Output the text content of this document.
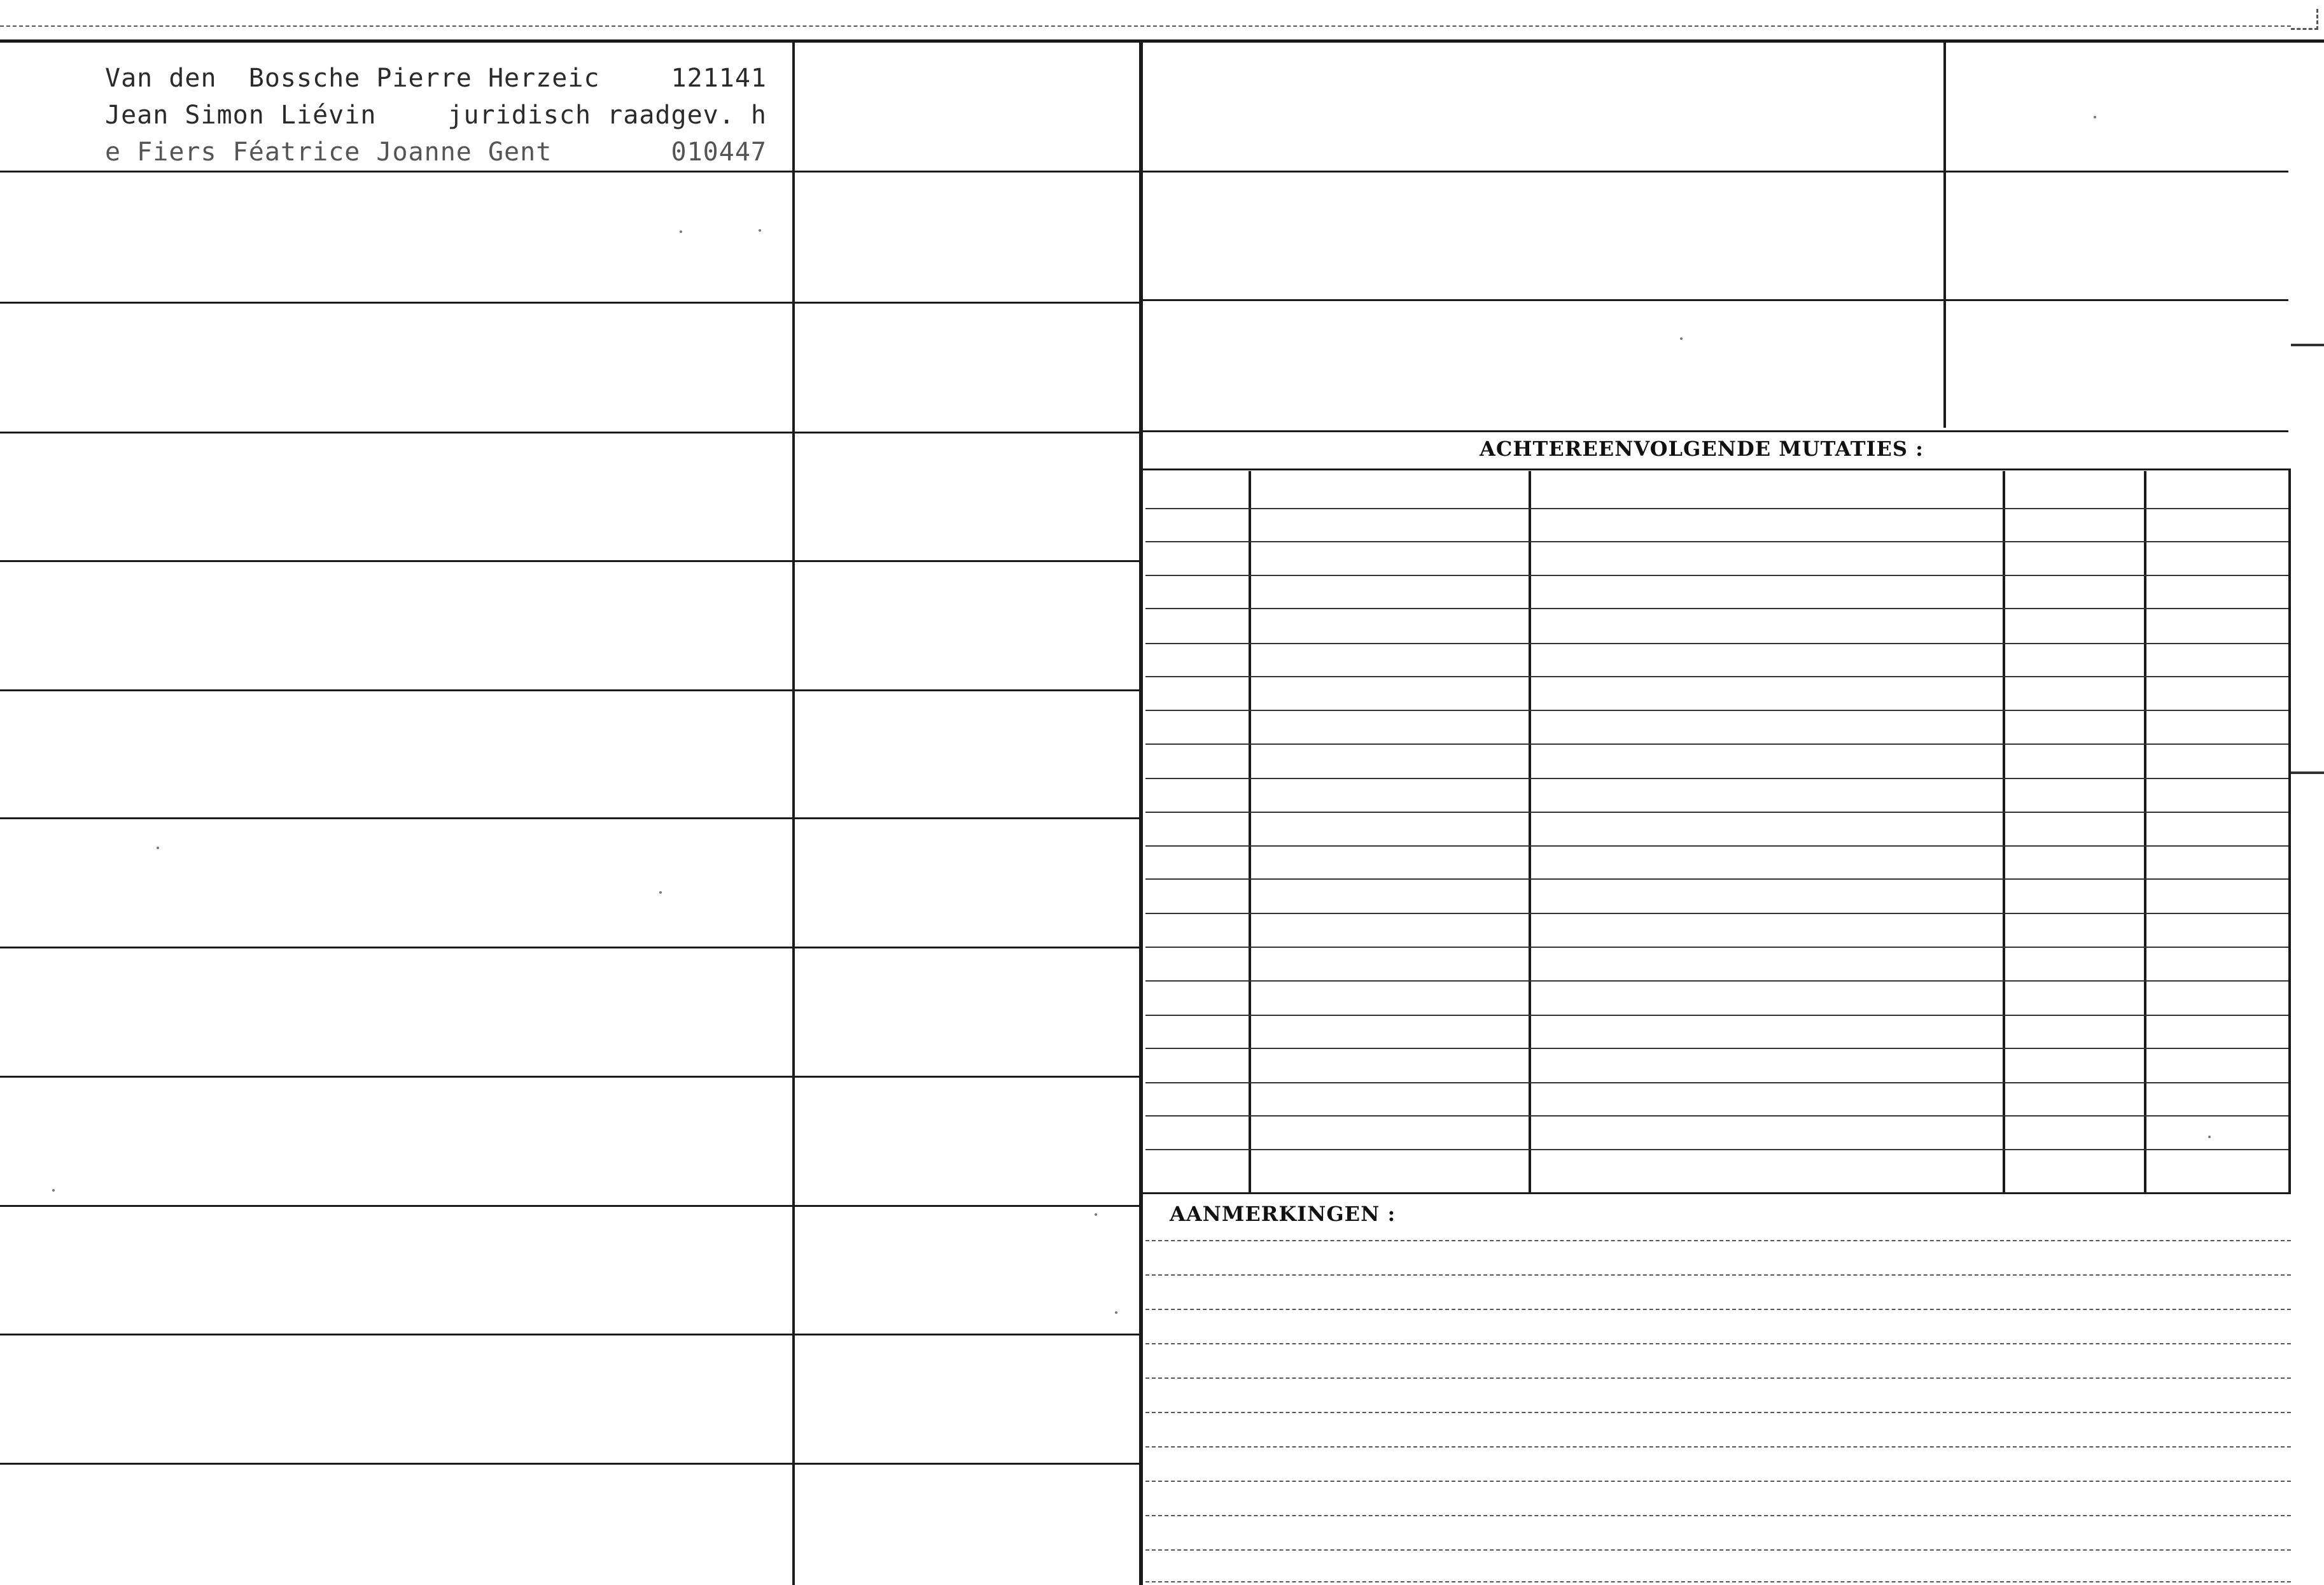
Van den  Bossche Pierre Herzeic	121141
Jean Simon Liévin	juridisch raadgev. h
e Fiers Féatrice Joanne Gent	010447
ACHTEREENVOLGENDE MUTATIES :
AANMERKINGEN :
